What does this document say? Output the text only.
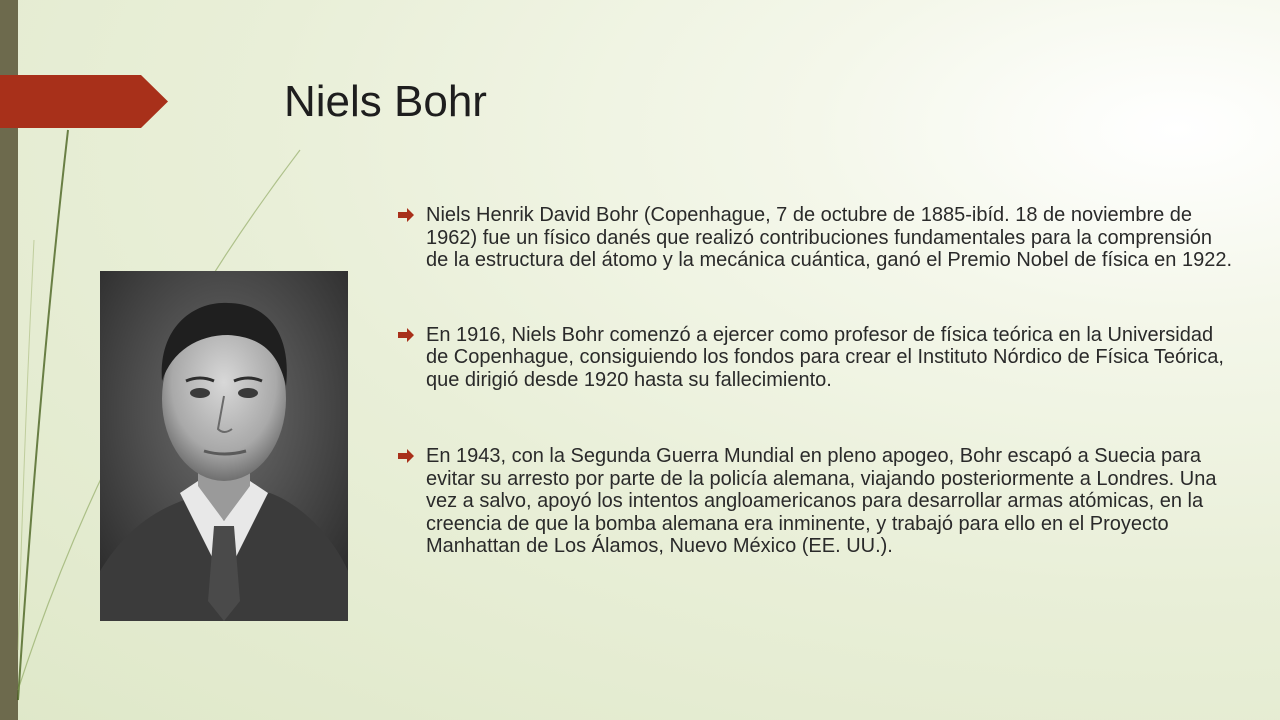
Niels Bohr
Niels Henrik David Bohr (Copenhague, 7 de octubre de 1885-ibíd. 18 de noviembre de 1962) fue un físico danés que realizó contribuciones fundamentales para la comprensión de la estructura del átomo y la mecánica cuántica, ganó el Premio Nobel de física en 1922.
En 1916, Niels Bohr comenzó a ejercer como profesor de física teórica en la Universidad de Copenhague, consiguiendo los fondos para crear el Instituto Nórdico de Física Teórica, que dirigió desde 1920 hasta su fallecimiento.
En 1943, con la Segunda Guerra Mundial en pleno apogeo, Bohr escapó a Suecia para evitar su arresto por parte de la policía alemana, viajando posteriormente a Londres. Una vez a salvo, apoyó los intentos angloamericanos para desarrollar armas atómicas, en la creencia de que la bomba alemana era inminente, y trabajó para ello en el Proyecto Manhattan de Los Álamos, Nuevo México (EE. UU.).
